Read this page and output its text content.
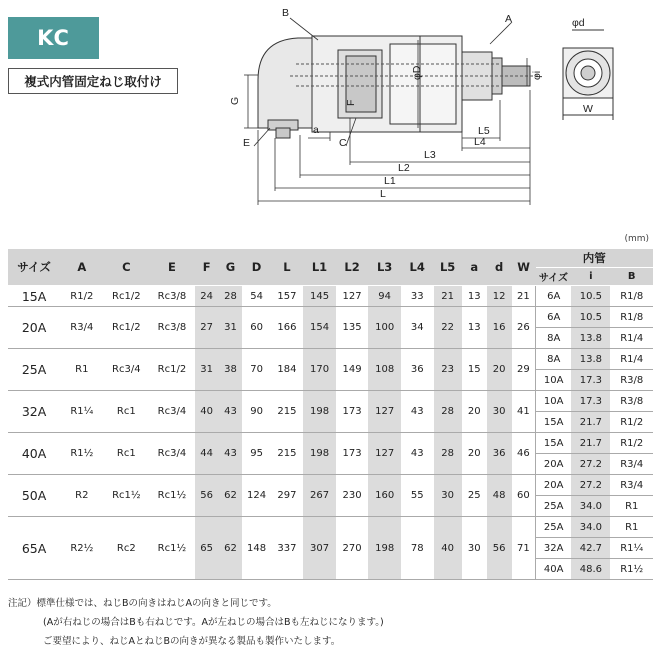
KC
複式内管固定ねじ取付け
B	A	φd
φD	φi
G	F
E	C
a	L5
L4
L3
L2
L1
L
W
(mm)
サイズ	A	C	E	F	G	D	L	L1	L2	L3	L4	L5	a	d	W	内管		
																サイズ	i	B
15A	R1/2	Rc1/2	Rc3/8	24	28	54	157	145	127	94	33	21	13	12	21	6A	10.5	R1/8
20A	R3/4	Rc1/2	Rc3/8	27	31	60	166	154	135	100	34	22	13	16	26	6A	10.5	R1/8
																8A	13.8	R1/4
25A	R1	Rc3/4	Rc1/2	31	38	70	184	170	149	108	36	23	15	20	29	8A	13.8	R1/4
																10A	17.3	R3/8
32A	R1¼	Rc1	Rc3/4	40	43	90	215	198	173	127	43	28	20	30	41	10A	17.3	R3/8
																15A	21.7	R1/2
40A	R1½	Rc1	Rc3/4	44	43	95	215	198	173	127	43	28	20	36	46	15A	21.7	R1/2
																20A	27.2	R3/4
50A	R2	Rc1½	Rc1½	56	62	124	297	267	230	160	55	30	25	48	60	20A	27.2	R3/4
																25A	34.0	R1
65A	R2½	Rc2	Rc1½	65	62	148	337	307	270	198	78	40	30	56	71	25A	34.0	R1
																32A	42.7	R1¼
																40A	48.6	R1½
注記）標準仕様では、ねじBの向きはねじAの向きと同じです。
(Aが右ねじの場合はBも右ねじです。Aが左ねじの場合はBも左ねじになります。)
ご要望により、ねじAとねじBの向きが異なる製品も製作いたします。
